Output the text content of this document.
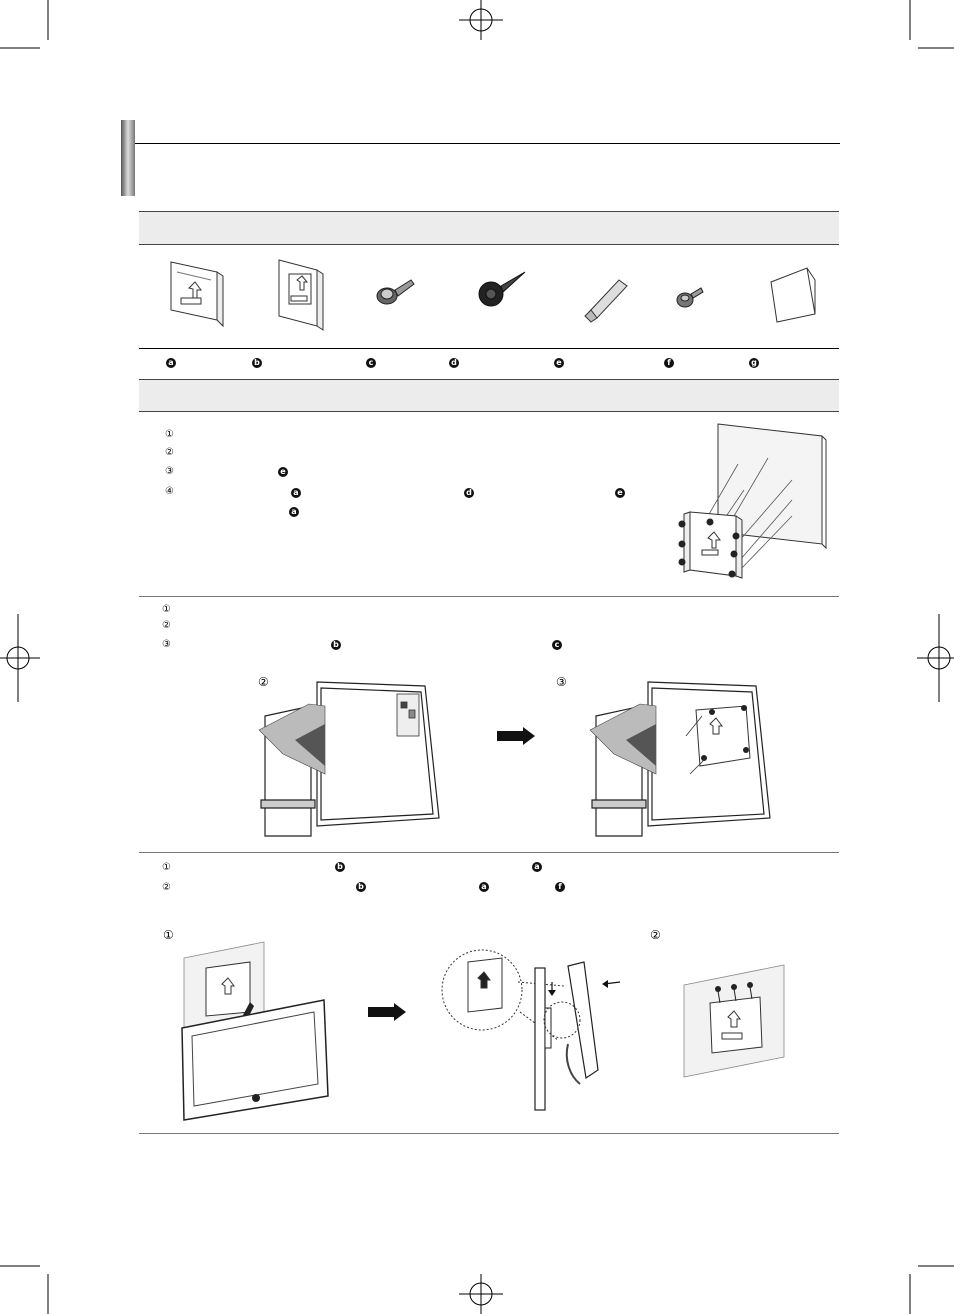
a	b	c	d	e	f	g
①
②
③
④
e
a	d	e
a
①
②
③	b	c
②	③
①
②
b	a
b	a	f
①	②
